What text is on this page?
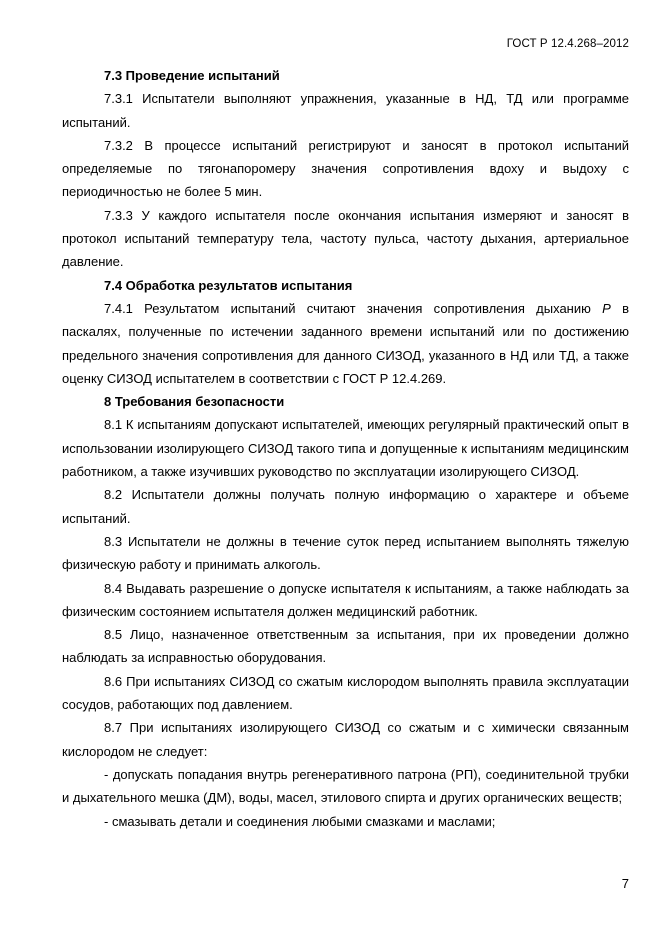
ГОСТ Р 12.4.268–2012
7.3 Проведение испытаний

7.3.1 Испытатели выполняют упражнения, указанные в НД, ТД или программе испытаний.

7.3.2 В процессе испытаний регистрируют и заносят в протокол испытаний определяемые по тягонапоромеру значения сопротивления вдоху и выдоху с периодичностью не более 5 мин.

7.3.3 У каждого испытателя после окончания испытания измеряют и заносят в протокол испытаний температуру тела, частоту пульса, частоту дыхания, артериальное давление.

7.4 Обработка результатов испытания

7.4.1 Результатом испытаний считают значения сопротивления дыханию P в паскалях, полученные по истечении заданного времени испытаний или по достижению предельного значения сопротивления для данного СИЗОД, указанного в НД или ТД, а также оценку СИЗОД испытателем в соответствии с ГОСТ Р 12.4.269.

8 Требования безопасности

8.1 К испытаниям допускают испытателей, имеющих регулярный практический опыт в использовании изолирующего СИЗОД такого типа и допущенные к испытаниям медицинским работником, а также изучивших руководство по эксплуатации изолирующего СИЗОД.

8.2 Испытатели должны получать полную информацию о характере и объеме испытаний.

8.3 Испытатели не должны в течение суток перед испытанием выполнять тяжелую физическую работу и принимать алкоголь.

8.4 Выдавать разрешение о допуске испытателя к испытаниям, а также наблюдать за физическим состоянием испытателя должен медицинский работник.

8.5 Лицо, назначенное ответственным за испытания, при их проведении должно наблюдать за исправностью оборудования.

8.6 При испытаниях СИЗОД со сжатым кислородом выполнять правила эксплуатации сосудов, работающих под давлением.

8.7 При испытаниях изолирующего СИЗОД со сжатым и с химически связанным кислородом не следует:

- допускать попадания внутрь регенеративного патрона (РП), соединительной трубки и дыхательного мешка (ДМ), воды, масел, этилового спирта и других органических веществ;

- смазывать детали и соединения любыми смазками и маслами;

7
